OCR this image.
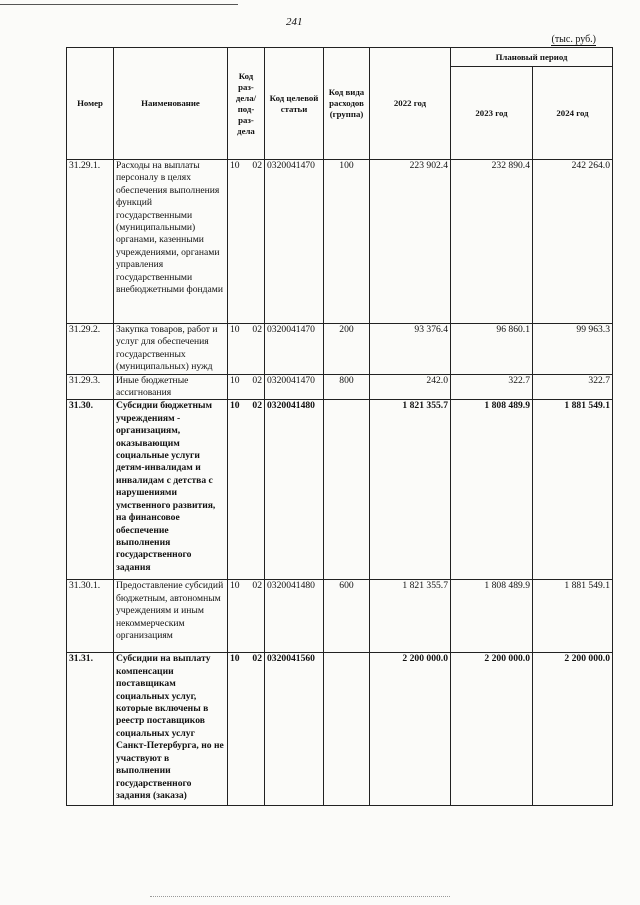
241
(тыс. руб.)
Номер	Наименование	Код раз-дела/ под-раз-дела	Код целевой статьи	Код вида расходов (группа)	2022 год	Плановый период	
						2023 год	2024 год
31.29.1.	Расходы на выплаты персоналу в целях обеспечения выполнения функций государственными (муниципальными) органами, казенными учреждениями, органами управления государственными внебюджетными фондами	10 02	0320041470	100	223 902.4	232 890.4	242 264.0
31.29.2.	Закупка товаров, работ и услуг для обеспечения государственных (муниципальных) нужд	10 02	0320041470	200	93 376.4	96 860.1	99 963.3
31.29.3.	Иные бюджетные ассигнования	10 02	0320041470	800	242.0	322.7	322.7
31.30.	Субсидии бюджетным учреждениям - организациям, оказывающим социальные услуги детям-инвалидам и инвалидам с детства с нарушениями умственного развития, на финансовое обеспечение выполнения государственного задания	10 02	0320041480		1 821 355.7	1 808 489.9	1 881 549.1
31.30.1.	Предоставление субсидий бюджетным, автономным учреждениям и иным некоммерческим организациям	10 02	0320041480	600	1 821 355.7	1 808 489.9	1 881 549.1
31.31.	Субсидии на выплату компенсации поставщикам социальных услуг, которые включены в реестр поставщиков социальных услуг Санкт-Петербурга, но не участвуют в выполнении государственного задания (заказа)	10 02	0320041560		2 200 000.0	2 200 000.0	2 200 000.0
